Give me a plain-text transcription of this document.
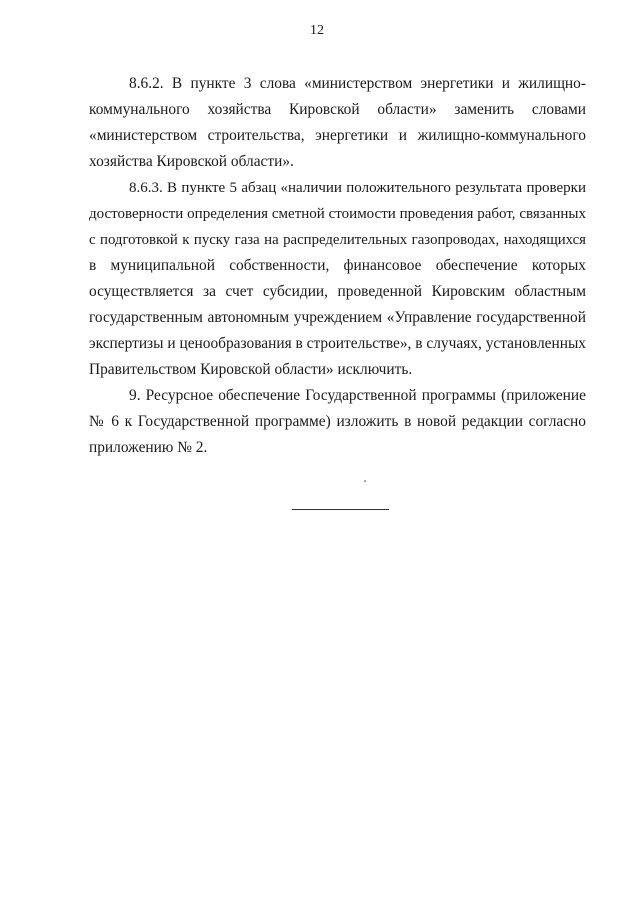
12
8.6.2. В пункте 3 слова «министерством энергетики и жилищно-
коммунального хозяйства Кировской области» заменить словами
«министерством строительства, энергетики и жилищно-коммунального
хозяйства Кировской области».
8.6.3. В пункте 5 абзац «наличии положительного результата проверки
достоверности определения сметной стоимости проведения работ, связанных
с подготовкой к пуску газа на распределительных газопроводах, находящихся
в муниципальной собственности, финансовое обеспечение которых
осуществляется за счет субсидии, проведенной Кировским областным
государственным автономным учреждением «Управление государственной
экспертизы и ценообразования в строительстве», в случаях, установленных
Правительством Кировской области» исключить.
9. Ресурсное обеспечение Государственной программы (приложение
№ 6 к Государственной программе) изложить в новой редакции согласно
приложению № 2.
